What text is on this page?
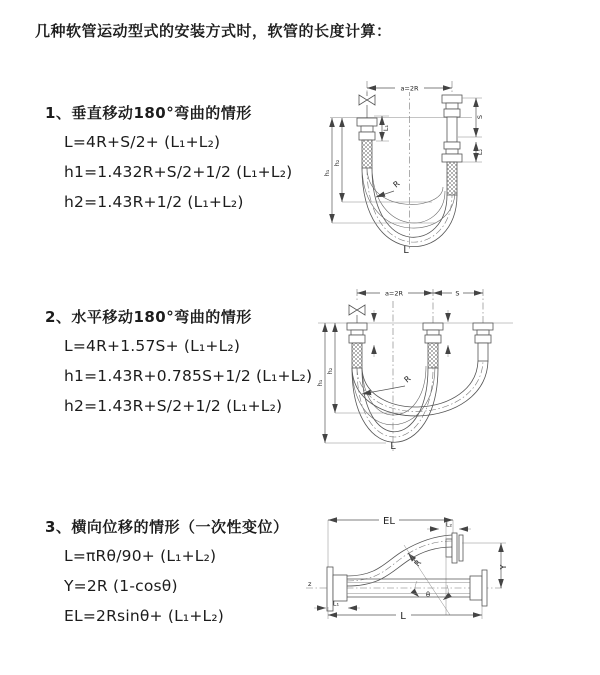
几种软管运动型式的安装方式时，软管的长度计算：
1、垂直移动180°弯曲的情形
L=4R+S/2+ (L₁+L₂)
h1=1.432R+S/2+1/2 (L₁+L₂)
h2=1.43R+1/2 (L₁+L₂)
2、水平移动180°弯曲的情形
L=4R+1.57S+ (L₁+L₂)
h1=1.43R+0.785S+1/2 (L₁+L₂)
h2=1.43R+S/2+1/2 (L₁+L₂)
3、横向位移的情形（一次性变位）
L=πRθ/90+ (L₁+L₂)
Y=2R (1-cosθ)
EL=2Rsinθ+ (L₁+L₂)
a=2R
h₁
h₂
L₁
S
L₂
R
L
a=2R	S
h₁
h₂
R
L
z
EL	L₂
R
θ
Y
L₁
L
